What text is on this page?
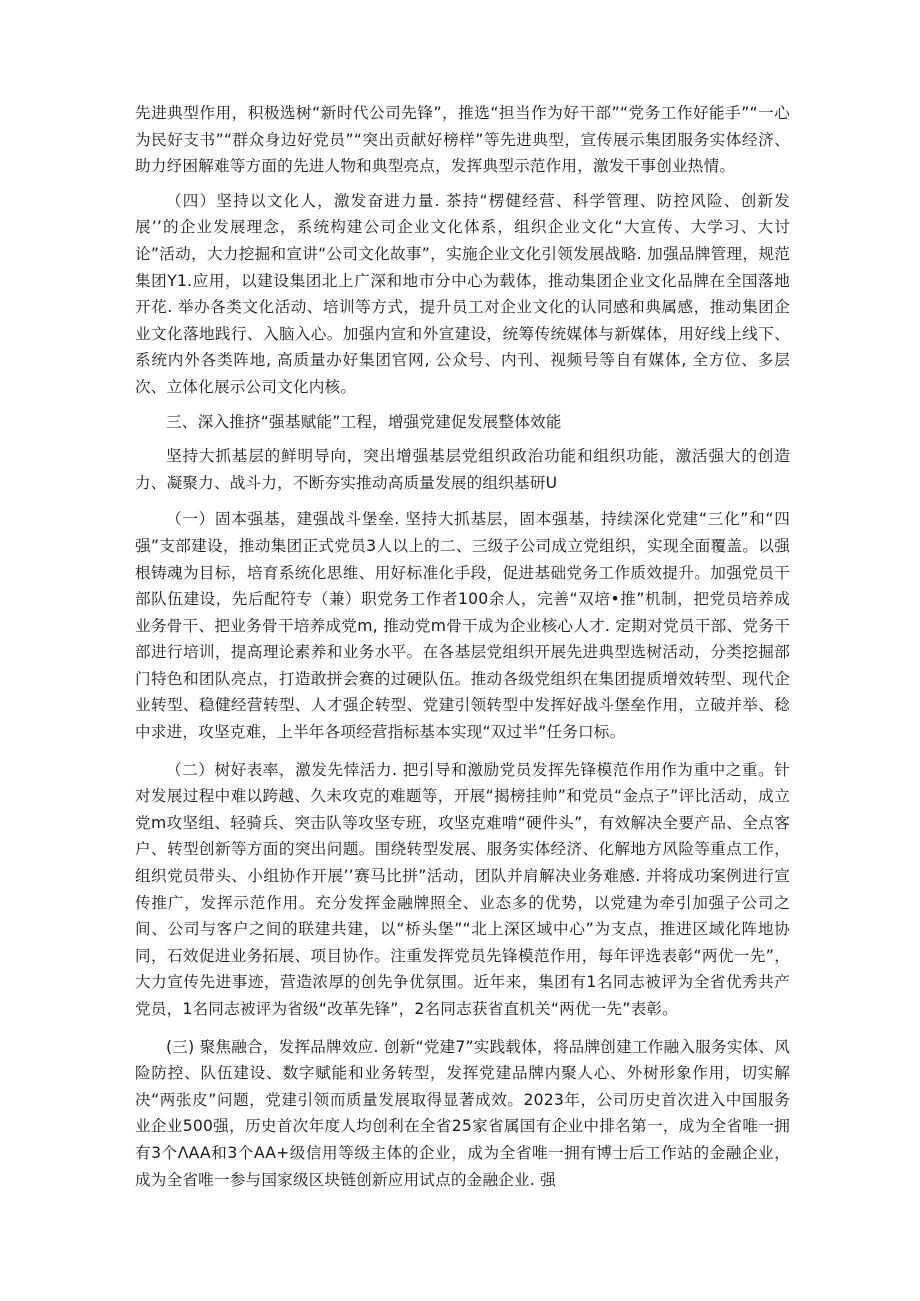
先进典型作用，积极选树“新时代公司先锋”，推选“担当作为好干部”“党务工作好能手”“一心为民好支书”“群众身边好党员”“突出贡献好榜样”等先进典型，宣传展示集团服务实体经济、助力纾困解难等方面的先进人物和典型亮点，发挥典型示范作用，激发干事创业热情。

（四）坚持以文化人，激发奋进力量. 茶持“楞健经营、科学管理、防控风险、创新发展’’的企业发展理念，系统构建公司企业文化体系，组织企业文化“大宣传、大学习、大讨论”活动，大力挖掘和宣讲“公司文化故事”，实施企业文化引领发展战略. 加强品牌管理，规范集团Y1.应用，以建设集团北上广深和地市分中心为载体，推动集团企业文化品牌在全国落地开花. 举办各类文化活动、培训等方式，提升员工对企业文化的认同感和典属感，推动集团企业文化落地践行、入脑入心。加强内宣和外宣建设，统筹传统媒体与新媒体，用好线上线下、系统内外各类阵地, 高质量办好集团官网, 公众号、内刊、视频号等自有媒体, 全方位、多层次、立体化展示公司文化内核。

三、深入推挤“强基赋能”工程，增强党建促发展整体效能

坚持大抓基层的鲜明导向，突出增强基层党组织政治功能和组织功能，激活强大的创造力、凝聚力、战斗力，不断夯实推动高质量发展的组织基研U

（一）固本强基，建强战斗堡垒. 坚持大抓基层，固本强基，持续深化党建“三化”和“四强”支部建设，推动集团正式党员3人以上的二、三级子公司成立党组织，实现全面覆盖。以强根铸魂为目标，培育系统化思维、用好标准化手段，促进基础党务工作质效提升。加强党员干部队伍建设，先后配符专（兼）职党务工作者100余人，完善“双培•推”机制，把党员培养成业务骨干、把业务骨干培养成党m, 推动党m骨干成为企业核心人才. 定期对党员干部、党务干部进行培训，提高理论素养和业务水平。在各基层党组织开展先进典型选树活动，分类挖掘部门特色和团队亮点，打造敢拼会赛的过硬队伍。推动各级党组织在集团提质增效转型、现代企业转型、稳健经营转型、人才强企转型、党建引领转型中发挥好战斗堡垒作用，立破并举、稔中求进，攻坚克难，上半年各项经营指标基本实现“双过半”任务口标。

（二）树好表率，激发先悻活力. 把引导和激励党员发挥先锋模范作用作为重中之重。针对发展过程中难以跨越、久未攻克的难题等，开展“揭榜挂帅”和党员“金点子”评比活动，成立党m攻坚组、轻骑兵、突击队等攻坚专班，攻坚克难啃“硬件头”，有效解决全要产品、全点客户、转型创新等方面的突出问题。围绕转型发展、服务实体经济、化解地方风险等重点工作，组织党员带头、小组协作开展’’赛马比拼”活动，团队并肩解决业务难感. 并将成功案例进行宣传推广，发挥示范作用。充分发挥金融牌照全、业态多的优势，以党建为牵引加强子公司之间、公司与客户之间的联建共建，以“桥头堡”“北上深区域中心”为支点，推进区域化阵地协同，石效促进业务拓展、项目协作。注重发挥党员先锋模范作用，每年评选表彰“两优一先”，大力宣传先进事迹，营造浓厚的创先争优氛围。近年来，集团有1名同志被评为全省优秀共产党员，1名同志被评为省级“改革先锋”，2名同志获省直机关“两优一先”表彰。

(三) 聚焦融合，发挥品牌效应. 创新“党建7”实践载体，将品牌创建工作融入服务实体、风险防控、队伍建设、数字赋能和业务转型，发挥党建品牌内聚人心、外树形象作用，切实解决“两张皮”问题，党建引领而质量发展取得显著成效。2023年，公司历史首次进入中国服务业企业500强，历史首次年度人均创利在全省25家省属国有企业中排名第一，成为全省唯一拥有3个ΛAA和3个AA+级信用等级主体的企业，成为全省唯一拥有博士后工作站的金融企业，成为全省唯一参与国家级区块链创新应用试点的金融企业. 强
